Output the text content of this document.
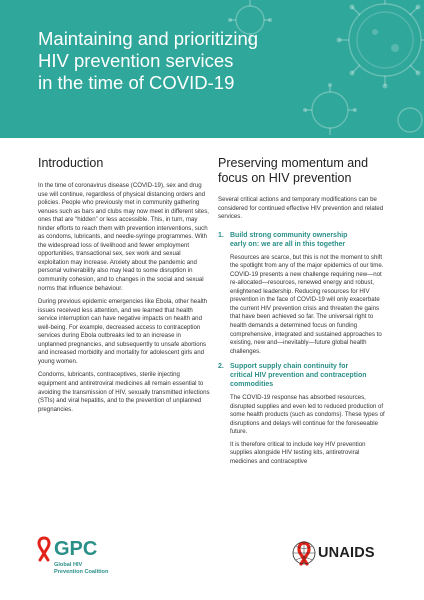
Maintaining and prioritizing
HIV prevention services
in the time of COVID-19
Introduction

In the time of coronavirus disease (COVID-19), sex and drug use will continue, regardless of physical distancing orders and policies. People who previously met in community gathering venues such as bars and clubs may now meet in different sites, ones that are “hidden” or less accessible. This, in turn, may hinder efforts to reach them with prevention interventions, such as condoms, lubricants, and needle-syringe programmes. With the widespread loss of livelihood and fewer employment opportunities, transactional sex, sex work and sexual exploitation may increase. Anxiety about the pandemic and personal vulnerability also may lead to some disruption in community cohesion, and to changes in the social and sexual norms that influence behaviour.

During previous epidemic emergencies like Ebola, other health issues received less attention, and we learned that health service interruption can have negative impacts on health and well-being. For example, decreased access to contraception services during Ebola outbreaks led to an increase in unplanned pregnancies, and subsequently to unsafe abortions and increased morbidity and mortality for adolescent girls and young women.

Condoms, lubricants, contraceptives, sterile injecting equipment and antiretroviral medicines all remain essential to avoiding the transmission of HIV, sexually transmitted infections (STIs) and viral hepatitis, and to the prevention of unplanned pregnancies.

Preserving momentum and
focus on HIV prevention

Several critical actions and temporary modifications can be considered for continued effective HIV prevention and related services.

1. Build strong community ownership
early on: we are all in this together

Resources are scarce, but this is not the moment to shift the spotlight from any of the major epidemics of our time. COVID-19 presents a new challenge requiring new—not re-allocated—resources, renewed energy and robust, enlightened leadership. Reducing resources for HIV prevention in the face of COVID-19 will only exacerbate the current HIV prevention crisis and threaten the gains that have been achieved so far. The universal right to health demands a determined focus on funding comprehensive, integrated and sustained approaches to existing, new and—inevitably—future global health challenges.

2. Support supply chain continuity for
critical HIV prevention and contraception
commodities

The COVID-19 response has absorbed resources, disrupted supplies and even led to reduced production of some health products (such as condoms). These types of disruptions and delays will continue for the foreseeable future.

It is therefore critical to include key HIV prevention supplies alongside HIV testing kits, antiretroviral medicines and contraceptive

GPC
Global HIV
Prevention Coalition
UNAIDS
